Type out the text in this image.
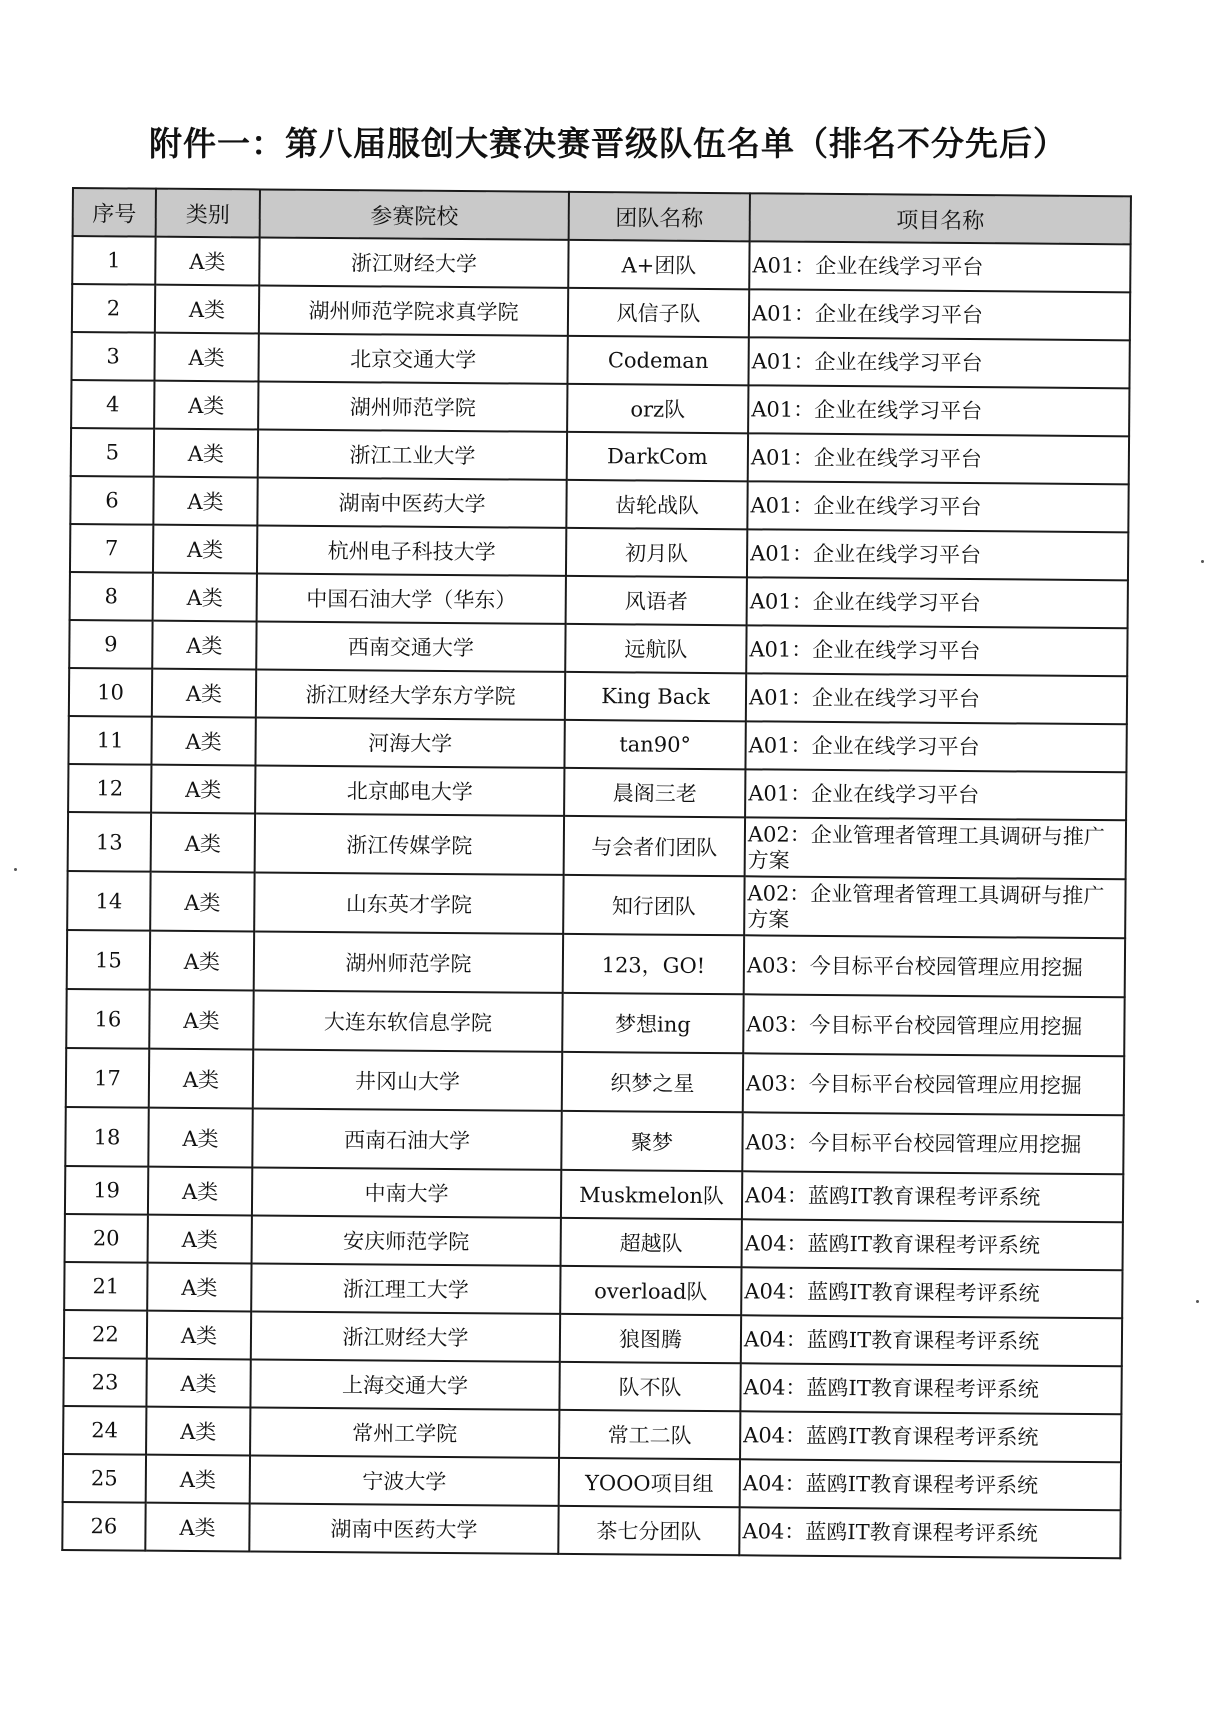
附件一：第八届服创大赛决赛晋级队伍名单（排名不分先后）
序号	类别	参赛院校	团队名称	项目名称
1	A类	浙江财经大学	A+团队	A01：企业在线学习平台
2	A类	湖州师范学院求真学院	风信子队	A01：企业在线学习平台
3	A类	北京交通大学	Codeman	A01：企业在线学习平台
4	A类	湖州师范学院	orz队	A01：企业在线学习平台
5	A类	浙江工业大学	DarkCom	A01：企业在线学习平台
6	A类	湖南中医药大学	齿轮战队	A01：企业在线学习平台
7	A类	杭州电子科技大学	初月队	A01：企业在线学习平台
8	A类	中国石油大学（华东）	风语者	A01：企业在线学习平台
9	A类	西南交通大学	远航队	A01：企业在线学习平台
10	A类	浙江财经大学东方学院	King Back	A01：企业在线学习平台
11	A类	河海大学	tan90°	A01：企业在线学习平台
12	A类	北京邮电大学	晨阁三老	A01：企业在线学习平台
13	A类	浙江传媒学院	与会者们团队	A02：企业管理者管理工具调研与推广方案
14	A类	山东英才学院	知行团队	A02：企业管理者管理工具调研与推广方案
15	A类	湖州师范学院	123，GO!	A03：今目标平台校园管理应用挖掘
16	A类	大连东软信息学院	梦想ing	A03：今目标平台校园管理应用挖掘
17	A类	井冈山大学	织梦之星	A03：今目标平台校园管理应用挖掘
18	A类	西南石油大学	聚梦	A03：今目标平台校园管理应用挖掘
19	A类	中南大学	Muskmelon队	A04：蓝鸥IT教育课程考评系统
20	A类	安庆师范学院	超越队	A04：蓝鸥IT教育课程考评系统
21	A类	浙江理工大学	overload队	A04：蓝鸥IT教育课程考评系统
22	A类	浙江财经大学	狼图腾	A04：蓝鸥IT教育课程考评系统
23	A类	上海交通大学	队不队	A04：蓝鸥IT教育课程考评系统
24	A类	常州工学院	常工二队	A04：蓝鸥IT教育课程考评系统
25	A类	宁波大学	YOOO项目组	A04：蓝鸥IT教育课程考评系统
26	A类	湖南中医药大学	茶七分团队	A04：蓝鸥IT教育课程考评系统
